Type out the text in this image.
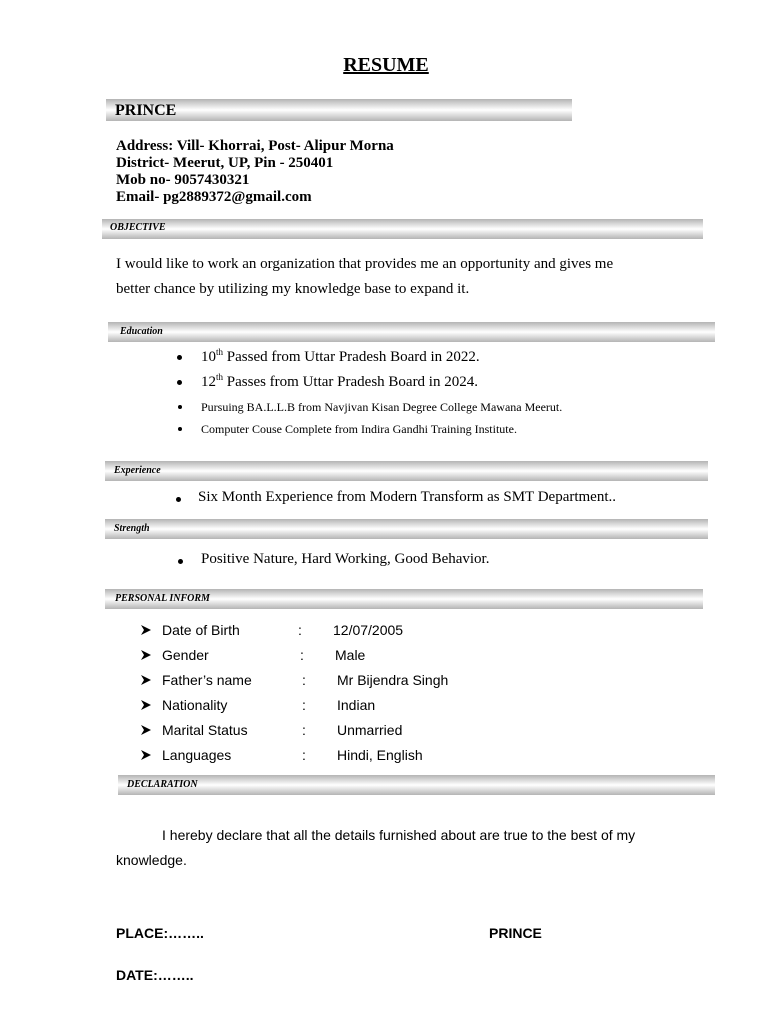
RESUME
PRINCE
Address: Vill- Khorrai, Post- Alipur Morna
District- Meerut, UP, Pin - 250401
Mob no- 9057430321
Email- pg2889372@gmail.com
OBJECTIVE
I would like to work an organization that provides me an opportunity and gives me
better chance by utilizing my knowledge base to expand it.
Education
10th Passed from Uttar Pradesh Board in 2022.
12th Passes from Uttar Pradesh Board in 2024.
Pursuing BA.L.L.B from Navjivan Kisan Degree College Mawana Meerut.
Computer Couse Complete from Indira Gandhi Training Institute.
Experience
Six Month Experience from Modern Transform as SMT Department..
Strength
Positive Nature, Hard Working, Good Behavior.
PERSONAL INFORM
Date of Birth	: 12/07/2005
Gender	: Male
Father’s name	: Mr Bijendra Singh
Nationality	: Indian
Marital Status	: Unmarried
Languages	: Hindi, English
DECLARATION
I hereby declare that all the details furnished about are true to the best of my
knowledge.
PLACE:……..	PRINCE
DATE:……..
